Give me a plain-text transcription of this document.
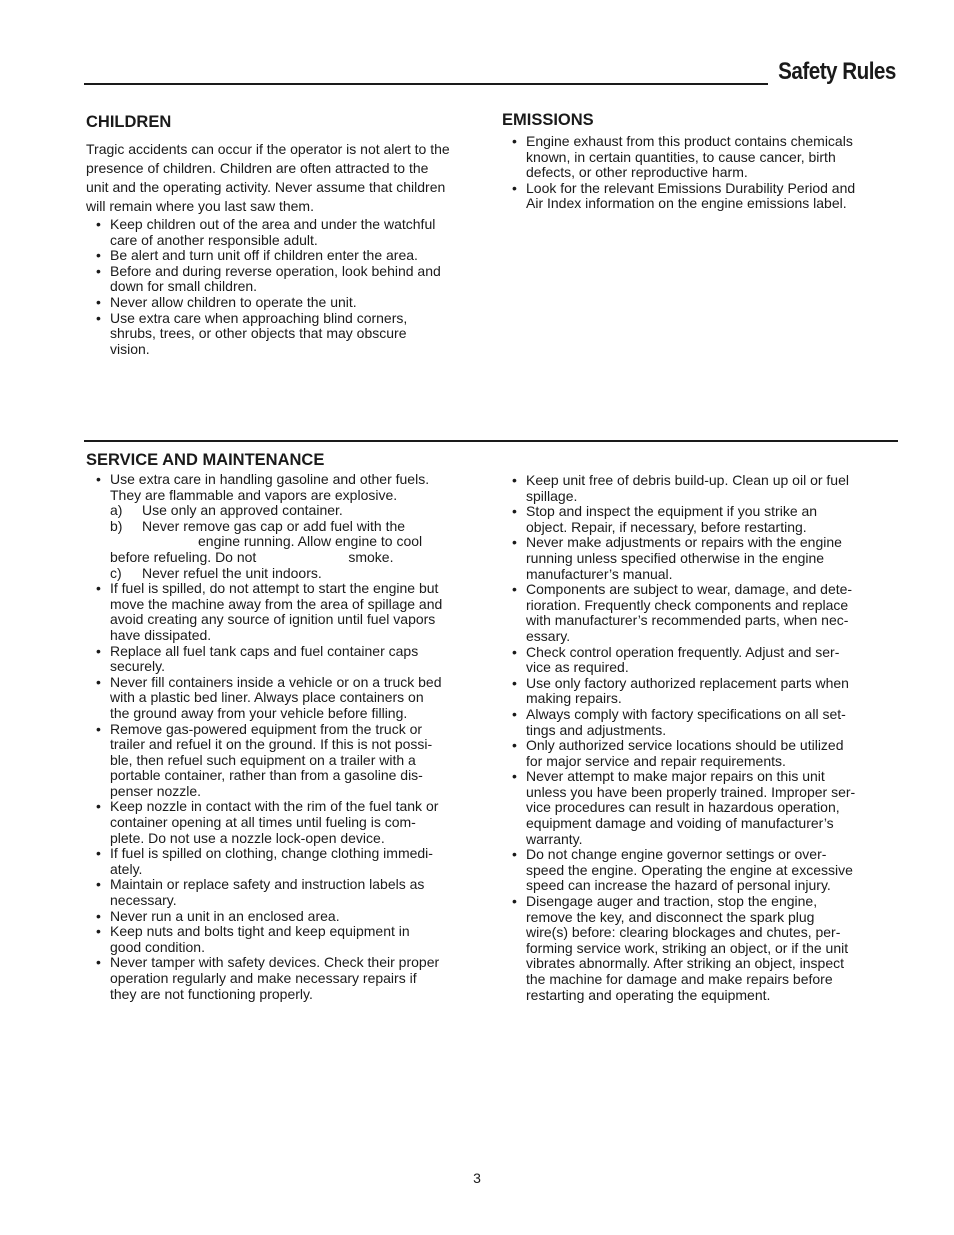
Safety Rules
CHILDREN

Tragic accidents can occur if the operator is not alert to the
presence of children. Children are often attracted to the
unit and the operating activity. Never assume that children
will remain where you last saw them.

• Keep children out of the area and under the watchful
care of another responsible adult.
• Be alert and turn unit off if children enter the area.
• Before and during reverse operation, look behind and
down for small children.
• Never allow children to operate the unit.
• Use extra care when approaching blind corners,
shrubs, trees, or other objects that may obscure
vision.
EMISSIONS
• Engine exhaust from this product contains chemicals
known, in certain quantities, to cause cancer, birth
defects, or other reproductive harm.
• Look for the relevant Emissions Durability Period and
Air Index information on the engine emissions label.
SERVICE AND MAINTENANCE
• Use extra care in handling gasoline and other fuels.
They are flammable and vapors are explosive.
a)	Use only an approved container.
b)	Never remove gas cap or add fuel with the
engine running. Allow engine to cool
before refueling. Do not	smoke.
c)	Never refuel the unit indoors.
• If fuel is spilled, do not attempt to start the engine but
move the machine away from the area of spillage and
avoid creating any source of ignition until fuel vapors
have dissipated.
• Replace all fuel tank caps and fuel container caps
securely.
• Never fill containers inside a vehicle or on a truck bed
with a plastic bed liner. Always place containers on
the ground away from your vehicle before filling.
• Remove gas-powered equipment from the truck or
trailer and refuel it on the ground. If this is not possi-
ble, then refuel such equipment on a trailer with a
portable container, rather than from a gasoline dis-
penser nozzle.
• Keep nozzle in contact with the rim of the fuel tank or
container opening at all times until fueling is com-
plete. Do not use a nozzle lock-open device.
• If fuel is spilled on clothing, change clothing immedi-
ately.
• Maintain or replace safety and instruction labels as
necessary.
• Never run a unit in an enclosed area.
• Keep nuts and bolts tight and keep equipment in
good condition.
• Never tamper with safety devices. Check their proper
operation regularly and make necessary repairs if
they are not functioning properly.
• Keep unit free of debris build-up. Clean up oil or fuel
spillage.
• Stop and inspect the equipment if you strike an
object. Repair, if necessary, before restarting.
• Never make adjustments or repairs with the engine
running unless specified otherwise in the engine
manufacturer’s manual.
• Components are subject to wear, damage, and dete-
rioration. Frequently check components and replace
with manufacturer’s recommended parts, when nec-
essary.
• Check control operation frequently. Adjust and ser-
vice as required.
• Use only factory authorized replacement parts when
making repairs.
• Always comply with factory specifications on all set-
tings and adjustments.
• Only authorized service locations should be utilized
for major service and repair requirements.
• Never attempt to make major repairs on this unit
unless you have been properly trained. Improper ser-
vice procedures can result in hazardous operation,
equipment damage and voiding of manufacturer’s
warranty.
• Do not change engine governor settings or over-
speed the engine. Operating the engine at excessive
speed can increase the hazard of personal injury.
• Disengage auger and traction, stop the engine,
remove the key, and disconnect the spark plug
wire(s) before: clearing blockages and chutes, per-
forming service work, striking an object, or if the unit
vibrates abnormally. After striking an object, inspect
the machine for damage and make repairs before
restarting and operating the equipment.

3
